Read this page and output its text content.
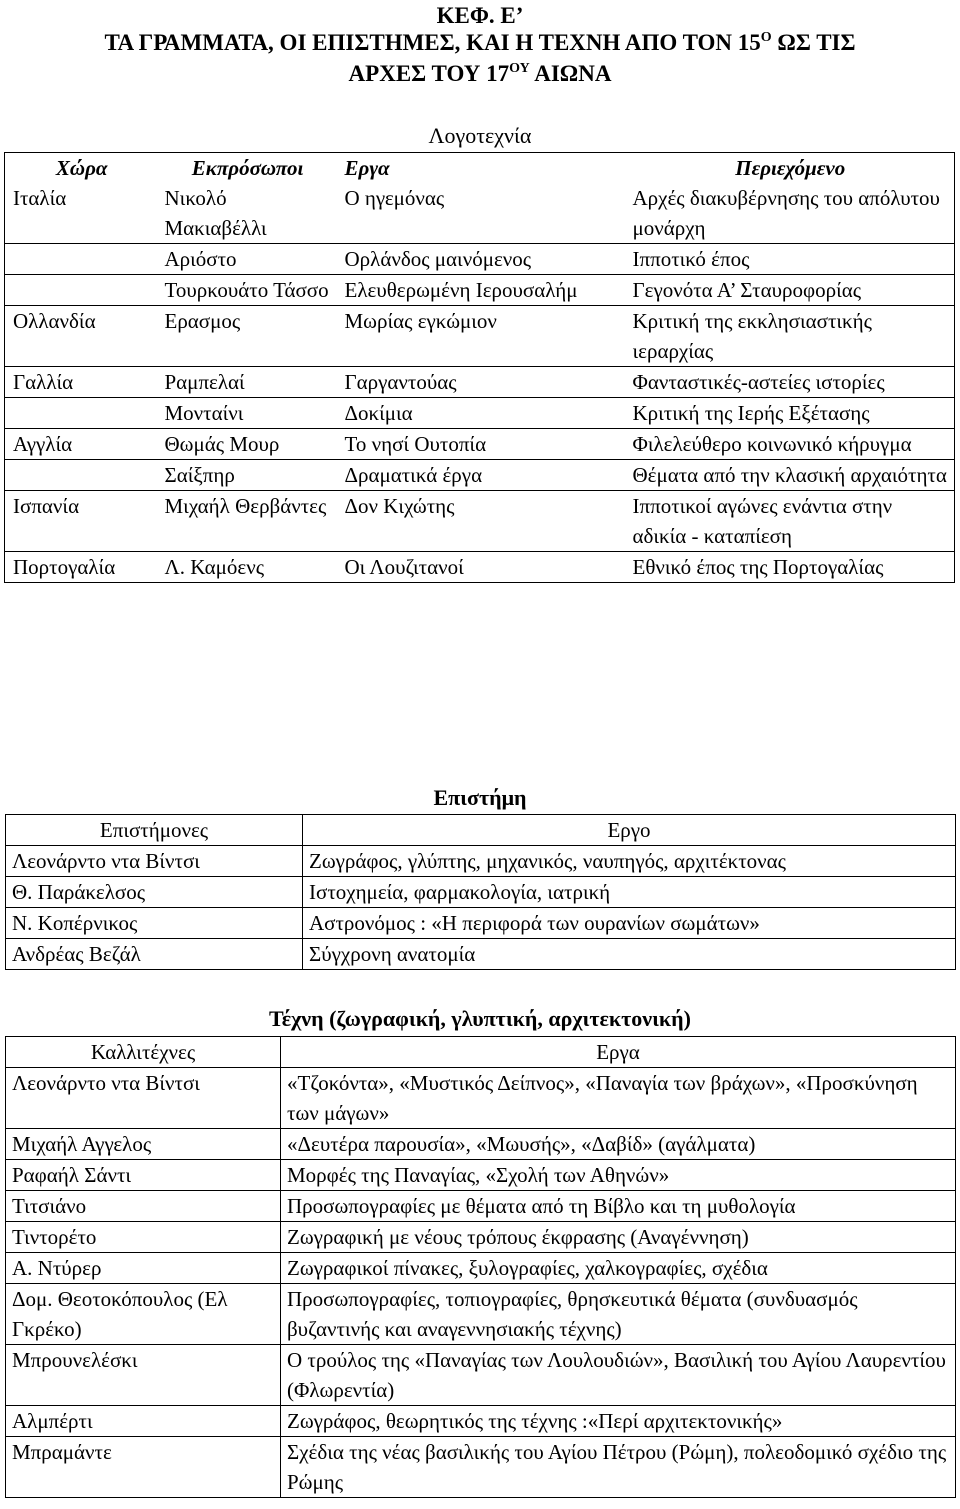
ΚΕΦ. Ε’
ΤΑ ΓΡΑΜΜΑΤΑ, ΟΙ ΕΠΙΣΤΗΜΕΣ, ΚΑΙ Η ΤΕΧΝΗ ΑΠΟ ΤΟΝ $15^O$ ΩΣ ΤΙΣ
ΑΡΧΕΣ ΤΟΥ $17^{O\Upsilon}$ ΑΙΩΝΑ
Λογοτεχνία
Χώρα	Εκπρόσωποι	Εργα	Περιεχόμενο
Ιταλία	Νικολό Μακιαβέλλι	Ο ηγεμόνας	Αρχές διακυβέρνησης του απόλυτου μονάρχη
	Αριόστο	Ορλάνδος μαινόμενος	Ιπποτικό έπος
	Τουρκουάτο Τάσσο	Ελευθερωμένη Ιερουσαλήμ	Γεγονότα Α’ Σταυροφορίας
Ολλανδία	Ερασμος	Μωρίας εγκώμιον	Κριτική της εκκλησιαστικής ιεραρχίας
Γαλλία	Ραμπελαί	Γαργαντούας	Φανταστικές-αστείες ιστορίες
	Μονταίνι	Δοκίμια	Κριτική της Ιερής Εξέτασης
Αγγλία	Θωμάς Μουρ	Το νησί Ουτοπία	Φιλελεύθερο κοινωνικό κήρυγμα
	Σαίξπηρ	Δραματικά έργα	Θέματα από την κλασική αρχαιότητα
Ισπανία	Μιχαήλ Θερβάντες	Δον Κιχώτης	Ιπποτικοί αγώνες ενάντια στην αδικία - καταπίεση
Πορτογαλία	Λ. Καμόενς	Οι Λουζιτανοί	Εθνικό έπος της Πορτογαλίας
Επιστήμη
Επιστήμονες	Εργο
Λεονάρντο ντα Βίντσι	Ζωγράφος, γλύπτης, μηχανικός, ναυπηγός, αρχιτέκτονας
Θ. Παράκελσος	Ιστοχημεία, φαρμακολογία, ιατρική
Ν. Κοπέρνικος	Αστρονόμος : «Η περιφορά των ουρανίων σωμάτων»
Ανδρέας Βεζάλ	Σύγχρονη ανατομία
Τέχνη (ζωγραφική, γλυπτική, αρχιτεκτονική)
Καλλιτέχνες	Εργα
Λεονάρντο ντα Βίντσι	«Τζοκόντα», «Μυστικός Δείπνος», «Παναγία των βράχων», «Προσκύνηση των μάγων»
Μιχαήλ Αγγελος	«Δευτέρα παρουσία», «Μωυσής», «Δαβίδ» (αγάλματα)
Ραφαήλ Σάντι	Μορφές της Παναγίας, «Σχολή των Αθηνών»
Τιτσιάνο	Προσωπογραφίες με θέματα από τη Βίβλο και τη μυθολογία
Τιντορέτο	Ζωγραφική με νέους τρόπους έκφρασης (Αναγέννηση)
Α. Ντύρερ	Ζωγραφικοί πίνακες, ξυλογραφίες, χαλκογραφίες, σχέδια
Δομ. Θεοτοκόπουλος (Ελ Γκρέκο)	Προσωπογραφίες, τοπιογραφίες, θρησκευτικά θέματα (συνδυασμός βυζαντινής και αναγεννησιακής τέχνης)
Μπρουνελέσκι	Ο τρούλος της «Παναγίας των Λουλουδιών», Βασιλική του Αγίου Λαυρεντίου (Φλωρεντία)
Αλμπέρτι	Ζωγράφος, θεωρητικός της τέχνης :«Περί αρχιτεκτονικής»
Μπραμάντε	Σχέδια της νέας βασιλικής του Αγίου Πέτρου (Ρώμη), πολεοδομικό σχέδιο της Ρώμης
